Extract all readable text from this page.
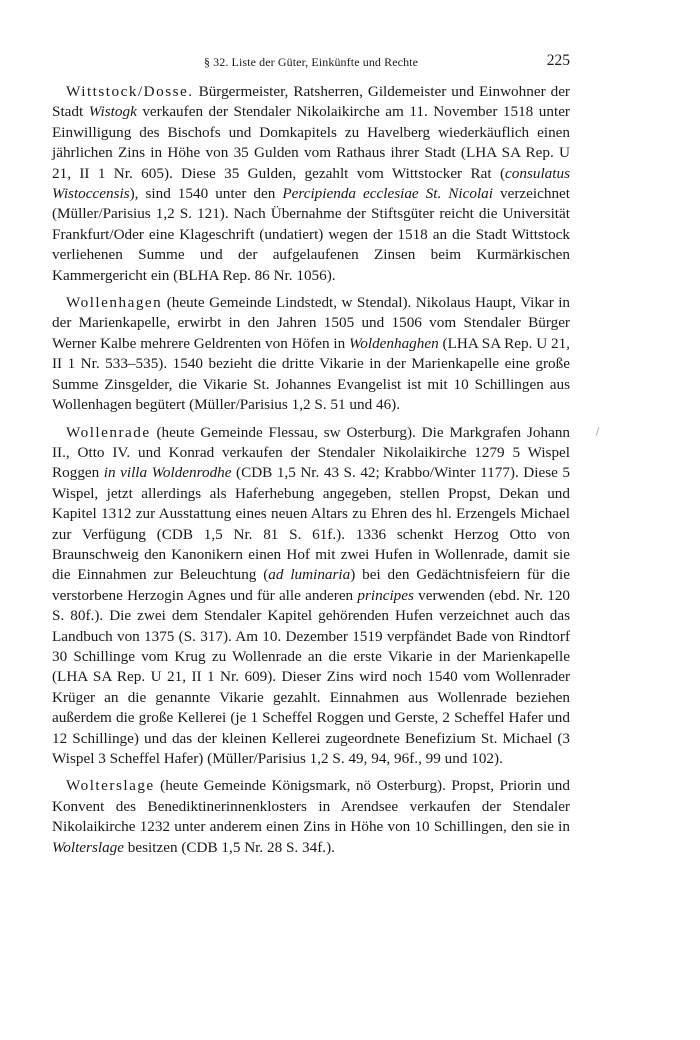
§ 32. Liste der Güter, Einkünfte und Rechte	225

Wittstock/Dosse. Bürgermeister, Ratsherren, Gildemeister und Einwohner der Stadt Wistogk verkaufen der Stendaler Nikolaikirche am 11. November 1518 unter Einwilligung des Bischofs und Domkapitels zu Havelberg wiederkäuflich einen jährlichen Zins in Höhe von 35 Gulden vom Rathaus ihrer Stadt (LHA SA Rep. U 21, II 1 Nr. 605). Diese 35 Gulden, gezahlt vom Wittstocker Rat (consulatus Wistoccensis), sind 1540 unter den Percipienda ecclesiae St. Nicolai verzeichnet (Müller/Parisius 1,2 S. 121). Nach Übernahme der Stiftsgüter reicht die Universität Frankfurt/Oder eine Klageschrift (undatiert) wegen der 1518 an die Stadt Wittstock verliehenen Summe und der aufgelaufenen Zinsen beim Kurmärkischen Kammergericht ein (BLHA Rep. 86 Nr. 1056).

Wollenhagen (heute Gemeinde Lindstedt, w Stendal). Nikolaus Haupt, Vikar in der Marienkapelle, erwirbt in den Jahren 1505 und 1506 vom Stendaler Bürger Werner Kalbe mehrere Geldrenten von Höfen in Woldenhaghen (LHA SA Rep. U 21, II 1 Nr. 533–535). 1540 bezieht die dritte Vikarie in der Marienkapelle eine große Summe Zinsgelder, die Vikarie St. Johannes Evangelist ist mit 10 Schillingen aus Wollenhagen begütert (Müller/Parisius 1,2 S. 51 und 46).

Wollenrade (heute Gemeinde Flessau, sw Osterburg). Die Markgrafen Johann II., Otto IV. und Konrad verkaufen der Stendaler Nikolaikirche 1279 5 Wispel Roggen in villa Woldenrodhe (CDB 1,5 Nr. 43 S. 42; Krabbo/Winter 1177). Diese 5 Wispel, jetzt allerdings als Haferhebung angegeben, stellen Propst, Dekan und Kapitel 1312 zur Ausstattung eines neuen Altars zu Ehren des hl. Erzengels Michael zur Verfügung (CDB 1,5 Nr. 81 S. 61f.). 1336 schenkt Herzog Otto von Braunschweig den Kanonikern einen Hof mit zwei Hufen in Wollenrade, damit sie die Einnahmen zur Beleuchtung (ad luminaria) bei den Gedächtnisfeiern für die verstorbene Herzogin Agnes und für alle anderen principes verwenden (ebd. Nr. 120 S. 80f.). Die zwei dem Stendaler Kapitel gehörenden Hufen verzeichnet auch das Landbuch von 1375 (S. 317). Am 10. Dezember 1519 verpfändet Bade von Rindtorf 30 Schillinge vom Krug zu Wollenrade an die erste Vikarie in der Marienkapelle (LHA SA Rep. U 21, II 1 Nr. 609). Dieser Zins wird noch 1540 vom Wollenrader Krüger an die genannte Vikarie gezahlt. Einnahmen aus Wollenrade beziehen außerdem die große Kellerei (je 1 Scheffel Roggen und Gerste, 2 Scheffel Hafer und 12 Schillinge) und das der kleinen Kellerei zugeordnete Benefizium St. Michael (3 Wispel 3 Scheffel Hafer) (Müller/Parisius 1,2 S. 49, 94, 96f., 99 und 102).

Wolterslage (heute Gemeinde Königsmark, nö Osterburg). Propst, Priorin und Konvent des Benediktinerinnenklosters in Arendsee verkaufen der Stendaler Nikolaikirche 1232 unter anderem einen Zins in Höhe von 10 Schillingen, den sie in Wolterslage besitzen (CDB 1,5 Nr. 28 S. 34f.).
